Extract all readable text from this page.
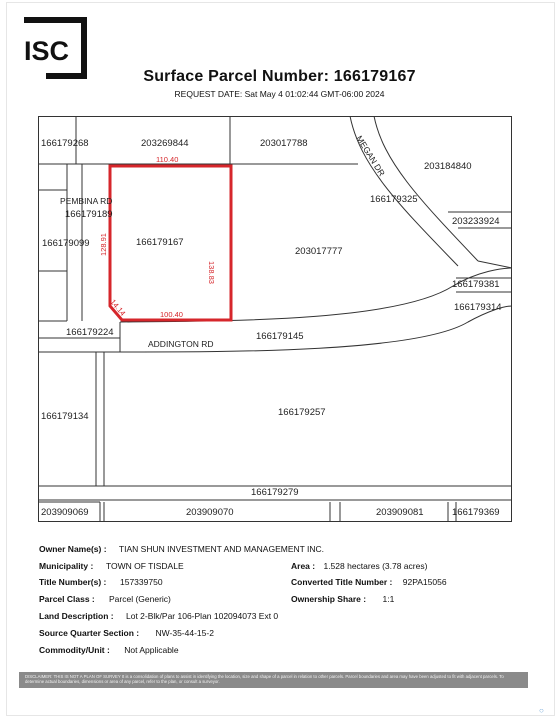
ISC
Surface Parcel Number: 166179167
REQUEST DATE: Sat May 4 01:02:44 GMT-06:00 2024
166179268	203269844	203017788
203184840
166179325
203233924
166179189
166179099	166179167
203017777
166179381
166179314
166179224	166179145
166179134	166179257
166179279
203909069	203909070	203909081	166179369
PEMBINA RD
MEGAN DR
ADDINGTON RD
110.40
128.91
138.83
100.40
14.14
Owner Name(s) : TIAN SHUN INVESTMENT AND MANAGEMENT INC.
Municipality : TOWN OF TISDALE	Area : 1.528 hectares (3.78 acres)
Title Number(s) : 157339750	Converted Title Number : 92PA15056
Parcel Class : Parcel (Generic)	Ownership Share : 1:1
Land Description : Lot 2-Blk/Par 106-Plan 102094073 Ext 0
Source Quarter Section : NW-35-44-15-2
Commodity/Unit : Not Applicable
DISCLAIMER: THIS IS NOT A PLAN OF SURVEY It is a consolidation of plans to assist in identifying the location, size and shape of a parcel in relation to other parcels. Parcel boundaries and area may have been adjusted to fit with adjacent parcels. To determine actual boundaries, dimensions or area of any parcel, refer to the plan, or consult a surveyor.
○
